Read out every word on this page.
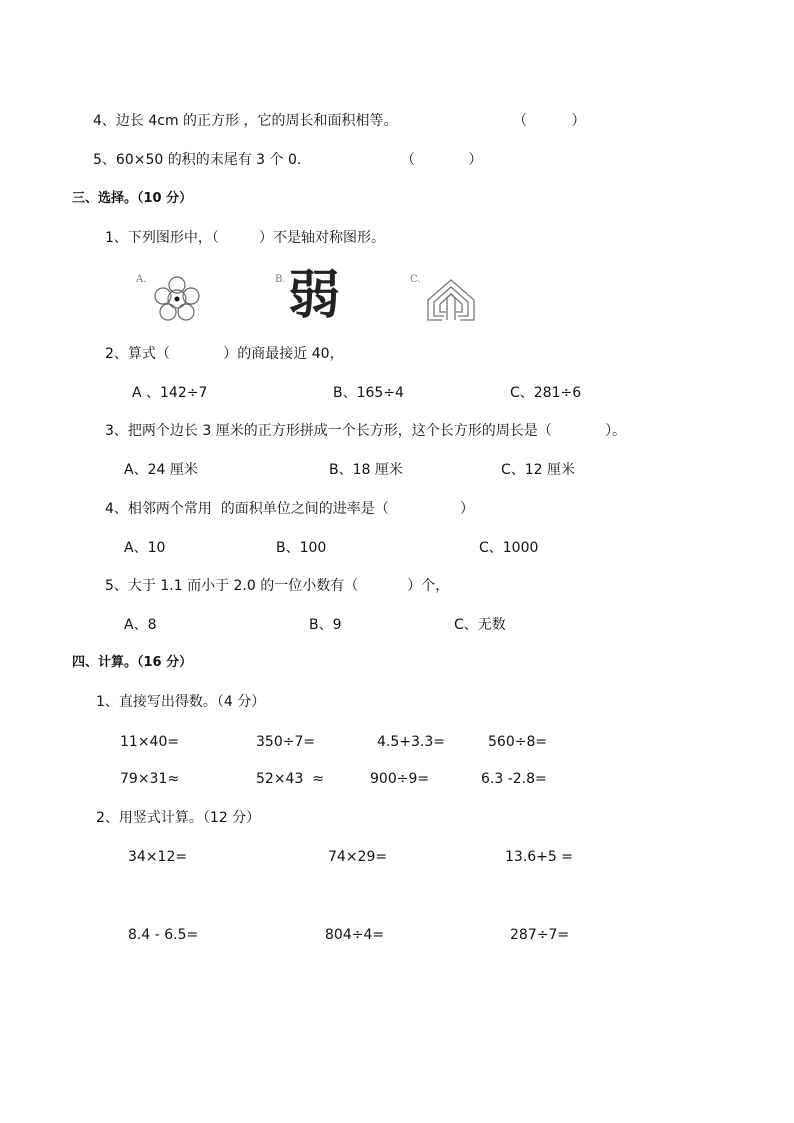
4、边长 4cm 的正方形 ，它的周长和面积相等。	（          ）
5、60×50 的积的末尾有 3 个 0.	（            ）
三、选择。（10 分）
1、下列图形中，（         ）不是轴对称图形。
A.	B. 弱	C.
2、算式（            ）的商最接近 40，
A 、142÷7	B、165÷4	C、281÷6
3、把两个边长 3 厘米的正方形拼成一个长方形，这个长方形的周长是（            ）。
A、24 厘米	B、18 厘米	C、12 厘米
4、相邻两个常用  的面积单位之间的进率是（                ）
A、10	B、100	C、1000
5、大于 1.1 而小于 2.0 的一位小数有（           ）个，
A、8	B、9	C、无数
四、计算。（16 分）
1、直接写出得数。（4 分）
11×40=	350÷7=	4.5+3.3=	560÷8=
79×31≈	52×43  ≈	900÷9=	6.3 -2.8=
2、用竖式计算。（12 分）
34×12=	74×29=	13.6+5 =
8.4 - 6.5=	804÷4=	287÷7=
